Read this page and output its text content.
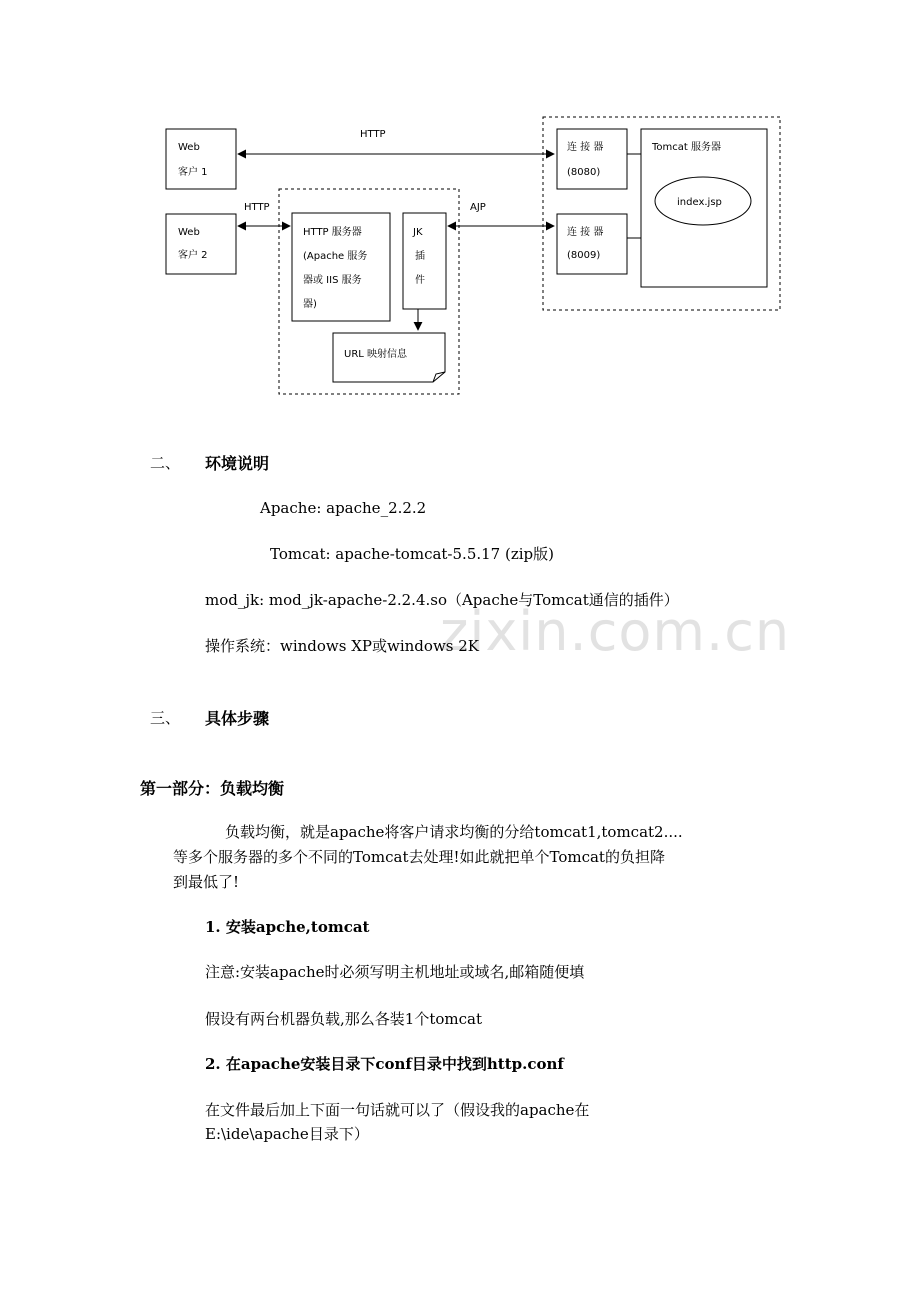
Web
客户 1
Web
客户 2
HTTP
HTTP
HTTP 服务器
(Apache 服务
器或 IIS 服务
器)
JK
插
件
URL 映射信息
AJP
连 接 器
(8080)
连 接 器
(8009)
Tomcat 服务器
index.jsp
zixin.com.cn
二、 环境说明

Apache: apache_2.2.2

Tomcat: apache-tomcat-5.5.17 (zip版)

mod_jk: mod_jk-apache-2.2.4.so（Apache与Tomcat通信的插件）

操作系统：windows XP或windows 2K

三、 具体步骤
第一部分：负载均衡

负载均衡，就是apache将客户请求均衡的分给tomcat1,tomcat2....

等多个服务器的多个不同的Tomcat去处理!如此就把单个Tomcat的负担降

到最低了!

1. 安装apche,tomcat

注意:安装apache时必须写明主机地址或域名,邮箱随便填

假设有两台机器负载,那么各装1个tomcat

2. 在apache安装目录下conf目录中找到http.conf

在文件最后加上下面一句话就可以了（假设我的apache在

E:\ide\apache目录下）
